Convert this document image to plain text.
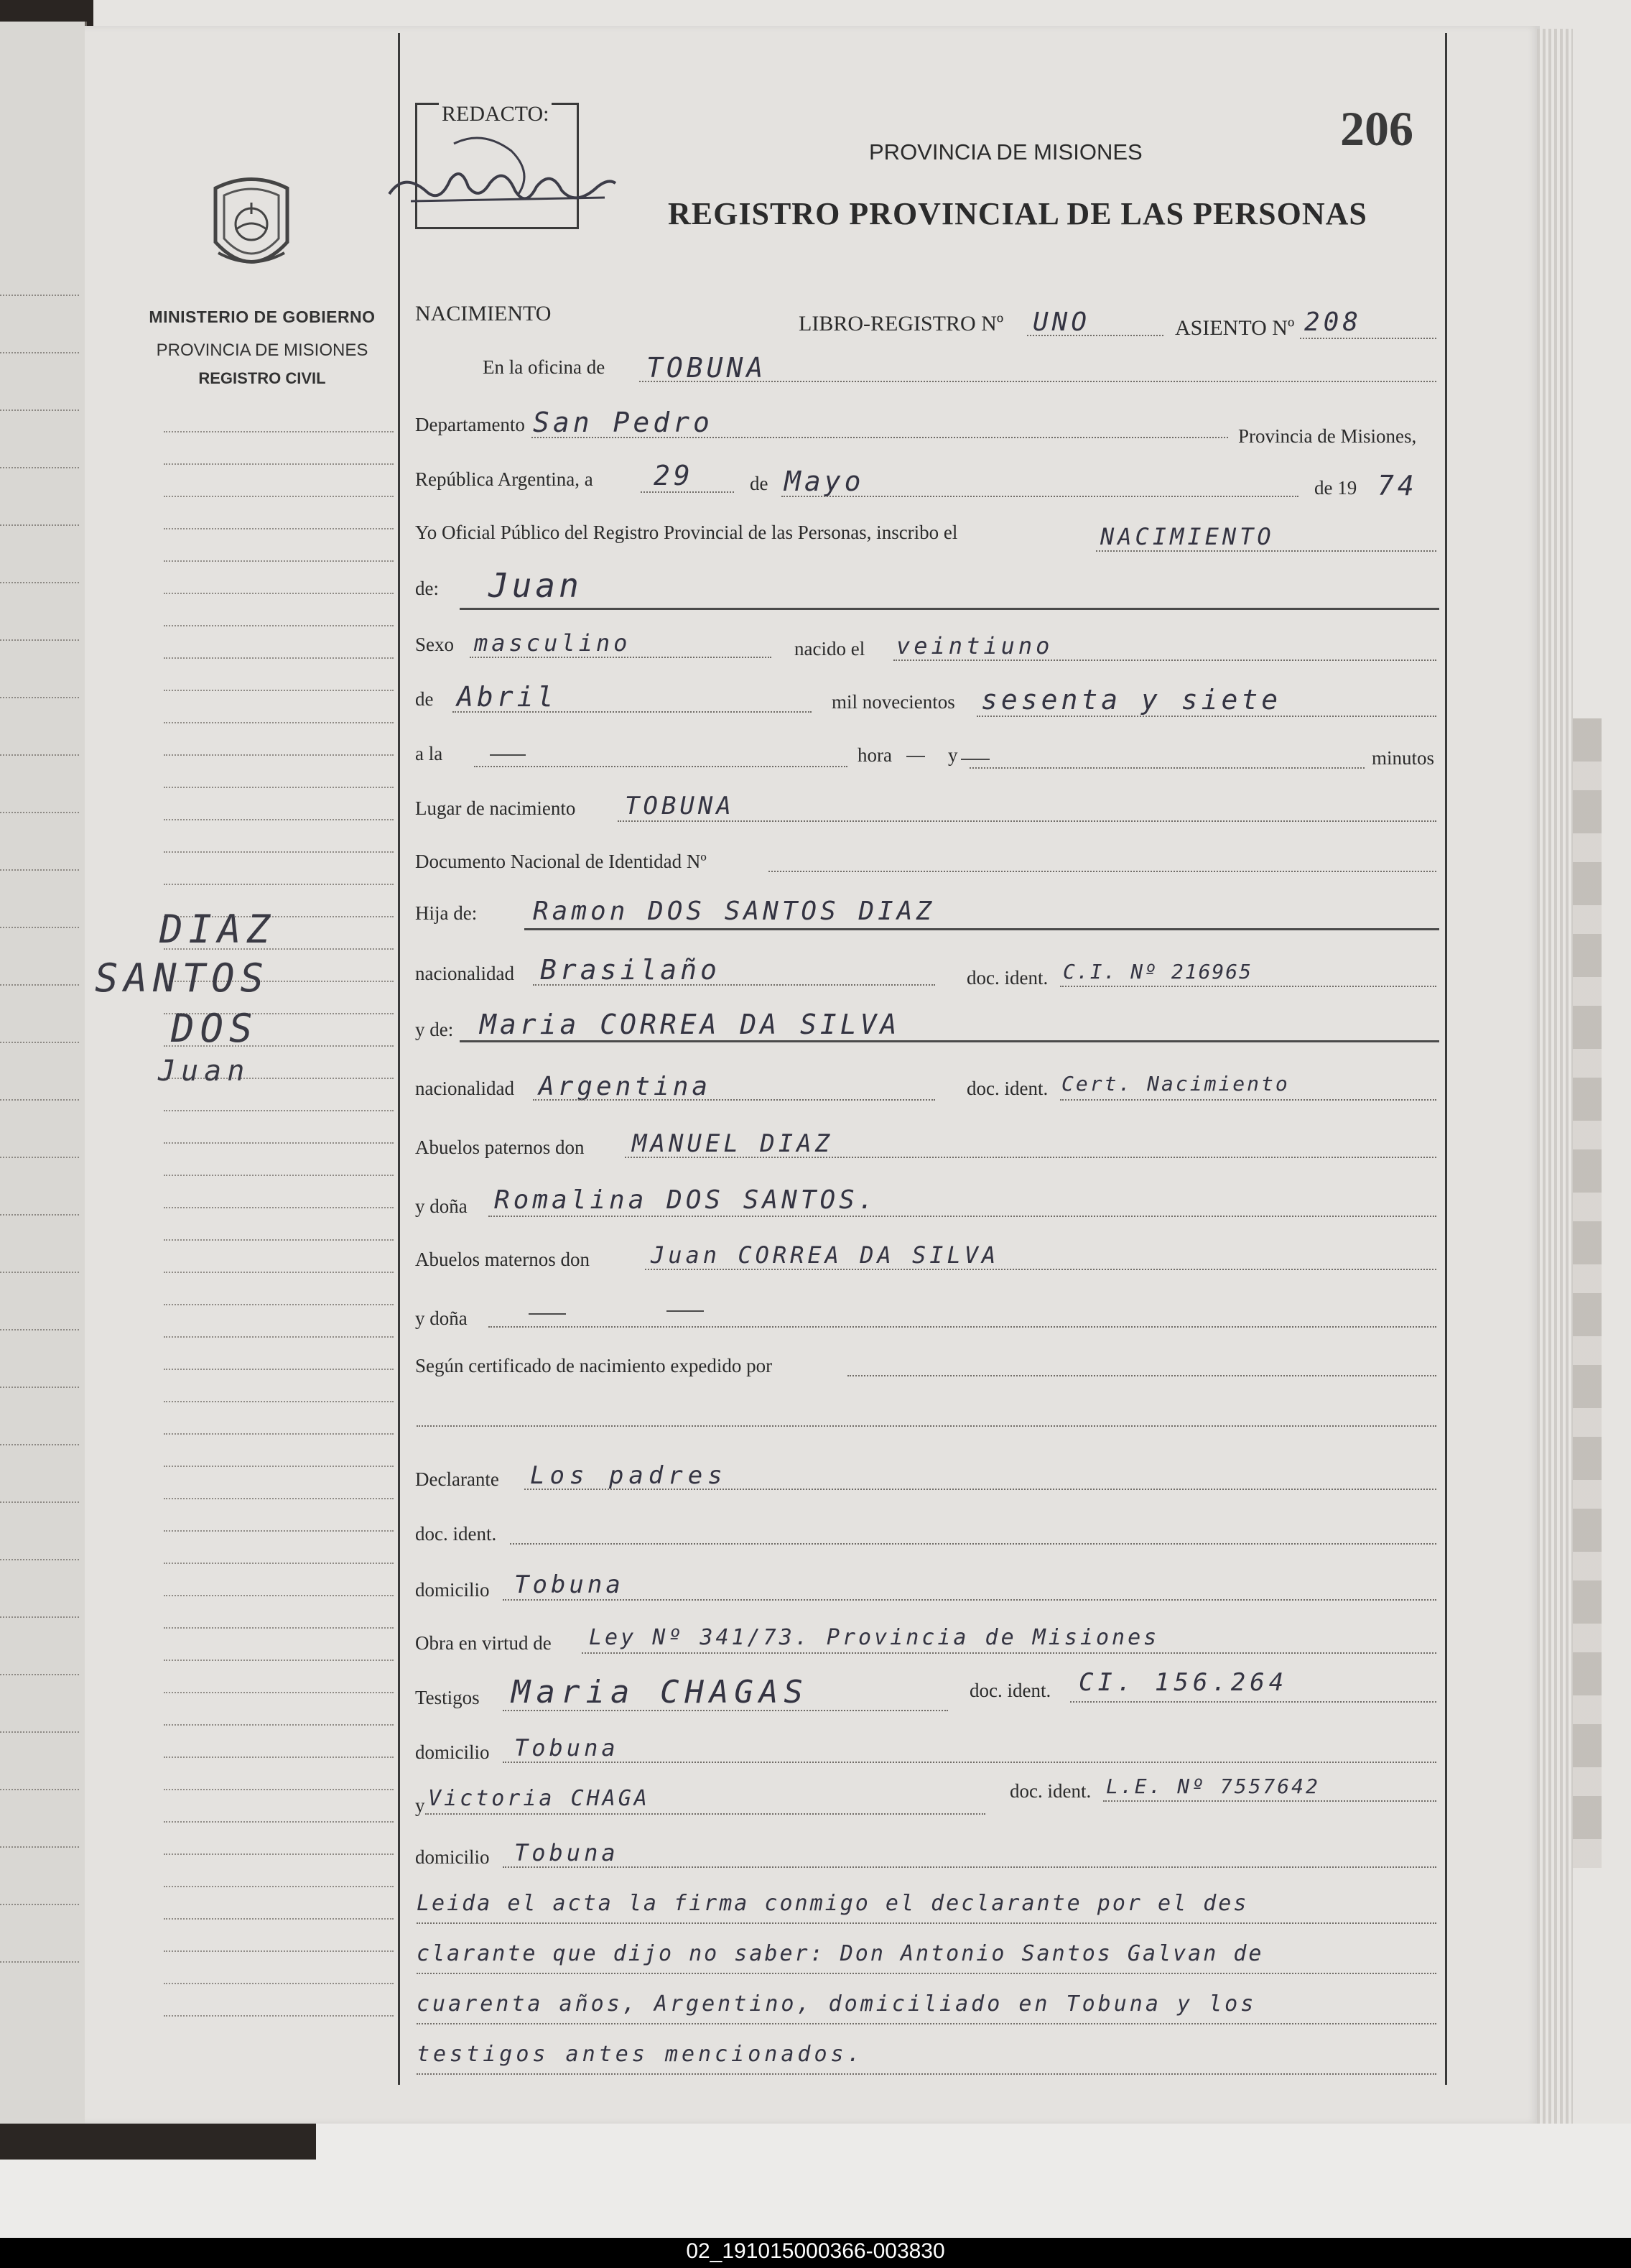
MINISTERIO DE GOBIERNO
PROVINCIA DE MISIONES
REGISTRO CIVIL
DIAZ
SANTOS
DOS
Juan
REDACTO:	206
PROVINCIA DE MISIONES
REGISTRO PROVINCIAL DE LAS PERSONAS
NACIMIENTO	LIBRO-REGISTRO Nº UNO	ASIENTO Nº 208
En la oficina de TOBUNA
Departamento San Pedro	Provincia de Misiones,
República Argentina, a 29	de Mayo	de 19 74
Yo Oficial Público del Registro Provincial de las Personas, inscribo el	NACIMIENTO
de: Juan
Sexo masculino	nacido el veintiuno
de Abril	mil novecientos sesenta y siete
a la	hora	y	minutos
Lugar de nacimiento TOBUNA
Documento Nacional de Identidad Nº
Hija de: Ramon DOS SANTOS DIAZ
nacionalidad Brasilaño	doc. ident. C.I. Nº 216965
y de: Maria CORREA DA SILVA
nacionalidad Argentina	doc. ident. Cert. Nacimiento
Abuelos paternos don MANUEL DIAZ
y doña Romalina DOS SANTOS.
Abuelos maternos don	Juan CORREA DA SILVA
y doña
Según certificado de nacimiento expedido por
Declarante Los padres
doc. ident.
domicilio Tobuna
Obra en virtud de Ley Nº 341/73. Provincia de Misiones
Testigos Maria CHAGAS	doc. ident. CI. 156.264
domicilio Tobuna
y Victoria CHAGA	doc. ident. L.E. Nº 7557642
domicilio Tobuna
Leida el acta la firma conmigo el declarante por el des
clarante que dijo no saber: Don Antonio Santos Galvan de
cuarenta años, Argentino, domiciliado en Tobuna y los
testigos antes mencionados.
02_191015000366-003830
